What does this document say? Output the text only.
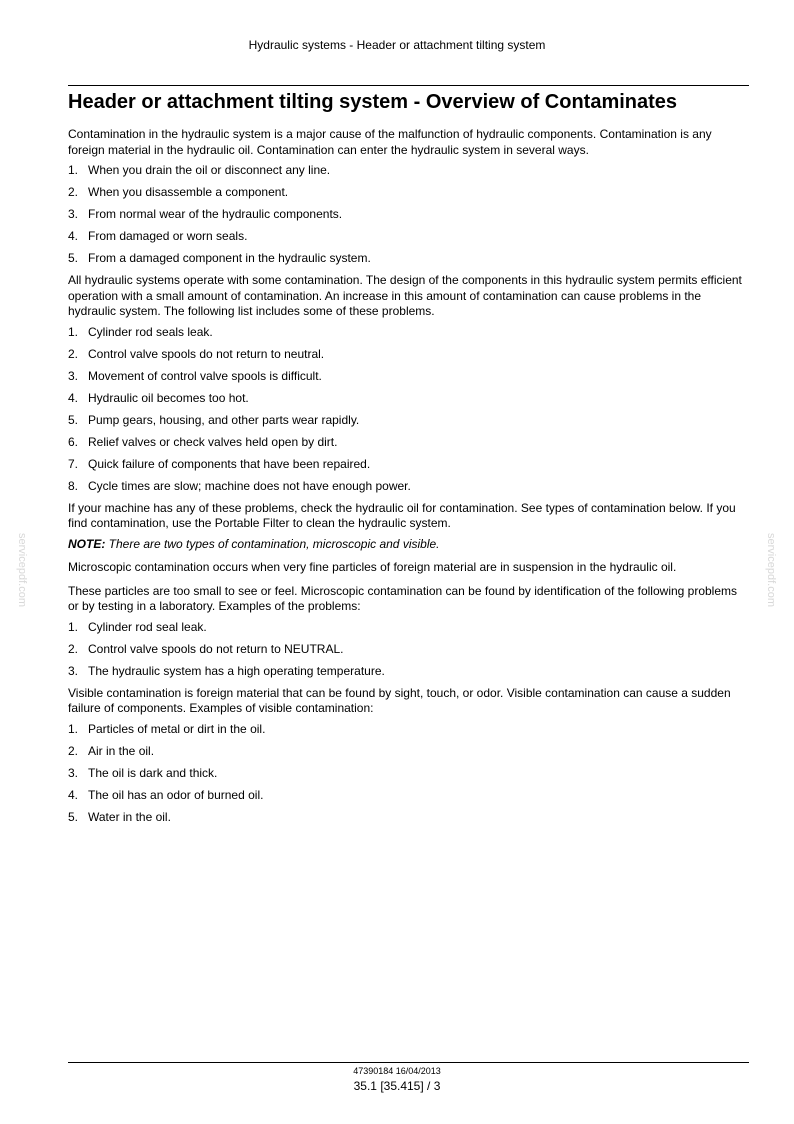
Hydraulic systems - Header or attachment tilting system
servicepdf.com	servicepdf.com
Header or attachment tilting system - Overview of Contaminates

Contamination in the hydraulic system is a major cause of the malfunction of hydraulic components. Contamination is any foreign material in the hydraulic oil. Contamination can enter the hydraulic system in several ways.

1. When you drain the oil or disconnect any line.
2. When you disassemble a component.
3. From normal wear of the hydraulic components.
4. From damaged or worn seals.
5. From a damaged component in the hydraulic system.

All hydraulic systems operate with some contamination. The design of the components in this hydraulic system permits efficient operation with a small amount of contamination. An increase in this amount of contamination can cause problems in the hydraulic system. The following list includes some of these problems.

1. Cylinder rod seals leak.
2. Control valve spools do not return to neutral.
3. Movement of control valve spools is difficult.
4. Hydraulic oil becomes too hot.
5. Pump gears, housing, and other parts wear rapidly.
6. Relief valves or check valves held open by dirt.
7. Quick failure of components that have been repaired.
8. Cycle times are slow; machine does not have enough power.

If your machine has any of these problems, check the hydraulic oil for contamination. See types of contamination below. If you find contamination, use the Portable Filter to clean the hydraulic system.

NOTE: There are two types of contamination, microscopic and visible.

Microscopic contamination occurs when very fine particles of foreign material are in suspension in the hydraulic oil.

These particles are too small to see or feel. Microscopic contamination can be found by identification of the following problems or by testing in a laboratory. Examples of the problems:

1. Cylinder rod seal leak.
2. Control valve spools do not return to NEUTRAL.
3. The hydraulic system has a high operating temperature.

Visible contamination is foreign material that can be found by sight, touch, or odor. Visible contamination can cause a sudden failure of components. Examples of visible contamination:

1. Particles of metal or dirt in the oil.
2. Air in the oil.
3. The oil is dark and thick.
4. The oil has an odor of burned oil.
5. Water in the oil.
47390184 16/04/2013
35.1 [35.415] / 3
